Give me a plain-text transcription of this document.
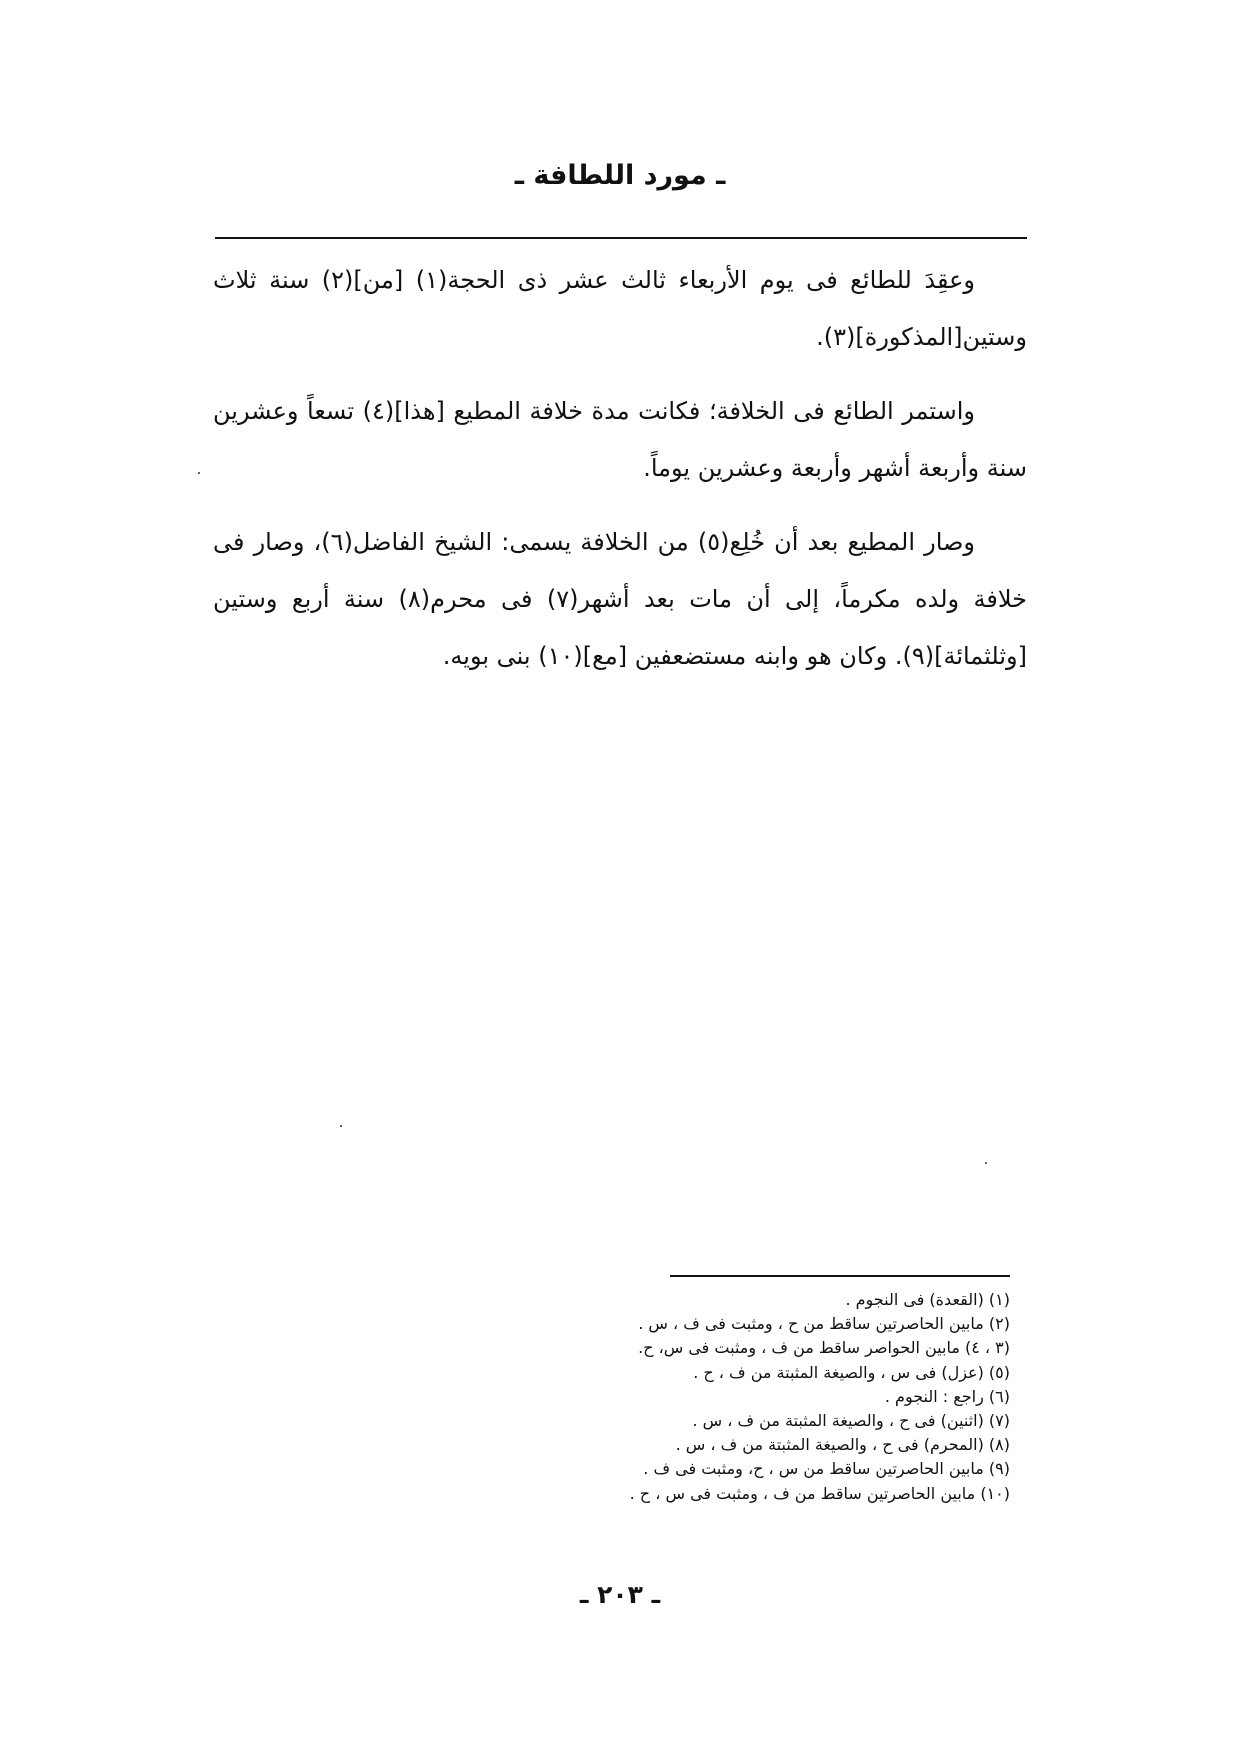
ـ مورد اللطافة ـ

وعقِدَ للطائع فى يوم الأربعاء ثالث عشر ذى الحجة(١) [من](٢) سنة ثلاث وستين[المذكورة](٣).

واستمر الطائع فى الخلافة؛ فكانت مدة خلافة المطيع [هذا](٤) تسعاً وعشرين سنة وأربعة أشهر وأربعة وعشرين يوماً.

وصار المطيع بعد أن خُلِع(٥) من الخلافة يسمى: الشيخ الفاضل(٦)، وصار فى خلافة ولده مكرماً، إلى أن مات بعد أشهر(٧) فى محرم(٨) سنة أربع وستين [وثلثمائة](٩). وكان هو وابنه مستضعفين [مع](١٠) بنى بويه.

(١) (القعدة) فى النجوم .
(٢) مابين الحاصرتين ساقط من ح ، ومثبت فى ف ، س .
(٣ ، ٤) مابين الحواصر ساقط من ف ، ومثبت فى س، ح.
(٥) (عزل) فى س ، والصيغة المثبتة من ف ، ح .
(٦) راجع : النجوم .
(٧) (اثنين) فى ح ، والصيغة المثبتة من ف ، س .
(٨) (المحرم) فى ح ، والصيغة المثبتة من ف ، س .
(٩) مابين الحاصرتين ساقط من س ، ح، ومثبت فى ف .
(١٠) مابين الحاصرتين ساقط من ف ، ومثبت فى س ، ح .
ـ ٢٠٣ ـ
